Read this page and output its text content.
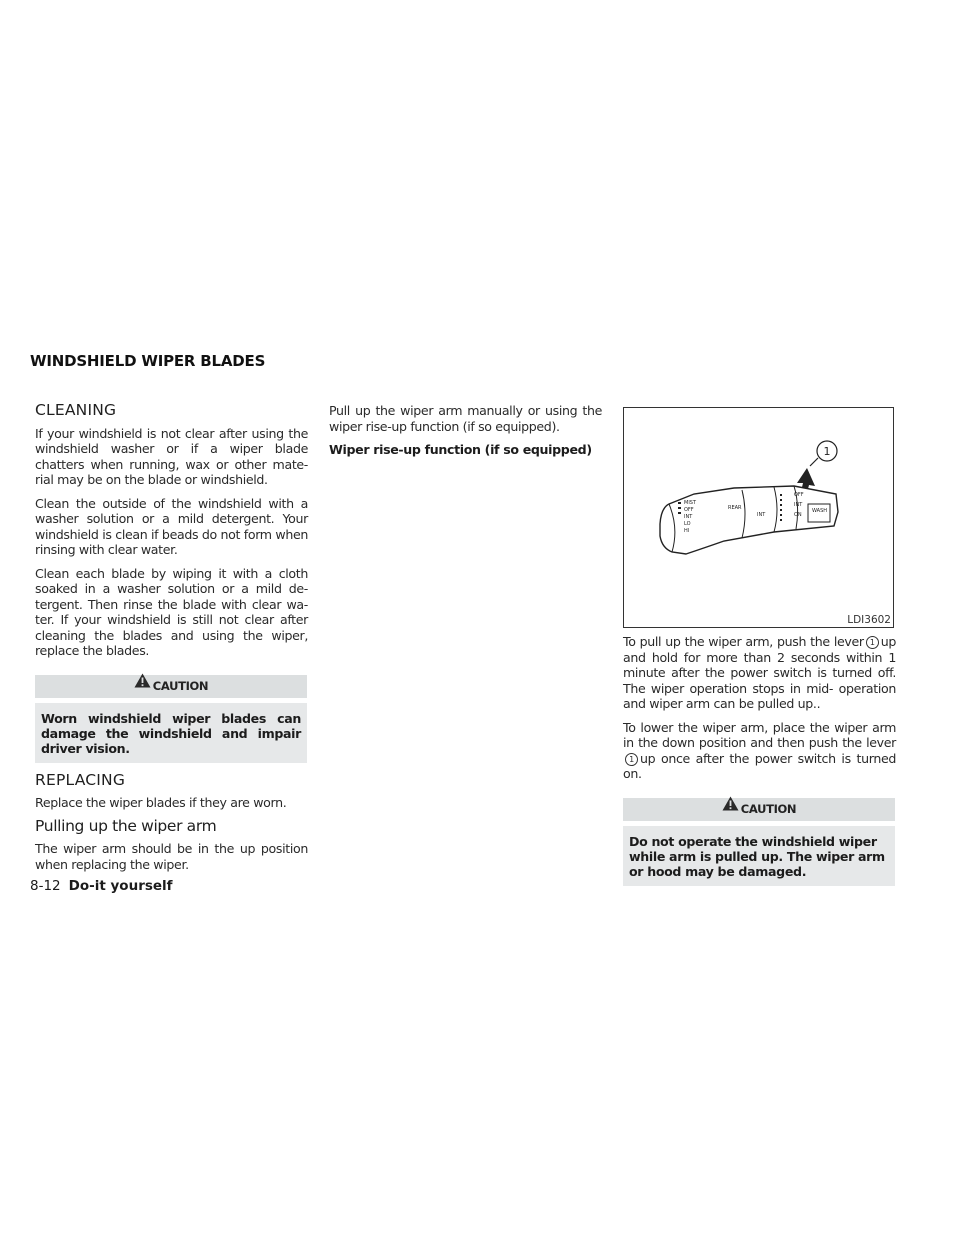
WINDSHIELD WIPER BLADES
CLEANING

If your windshield is not clear after using the windshield washer or if a wiper blade chatters when running, wax or other mate- rial may be on the blade or windshield.

Clean the outside of the windshield with a washer solution or a mild detergent. Your windshield is clean if beads do not form when rinsing with clear water.

Clean each blade by wiping it with a cloth soaked in a washer solution or a mild de- tergent. Then rinse the blade with clear wa- ter. If your windshield is still not clear after cleaning the blades and using the wiper, replace the blades.

CAUTION
Worn windshield wiper blades can damage the windshield and impair driver vision.
REPLACING

Replace the wiper blades if they are worn.

Pulling up the wiper arm

The wiper arm should be in the up position when replacing the wiper.

Pull up the wiper arm manually or using the wiper rise-up function (if so equipped).

Wiper rise-up function (if so equipped)	1
MIST
OFF
INT
LO
HI
REAR
INT
OFF
INT
ON
WASH
LDI3602

To pull up the wiper arm, push the lever 1 up and hold for more than 2 seconds within 1 minute after the power switch is turned off. The wiper operation stops in mid- operation and wiper arm can be pulled up..

To lower the wiper arm, place the wiper arm in the down position and then push the lever1 up once after the power switch is turned on.

CAUTION
Do not operate the windshield wiper while arm is pulled up. The wiper arm or hood may be damaged.
8-12 Do-it yourself
